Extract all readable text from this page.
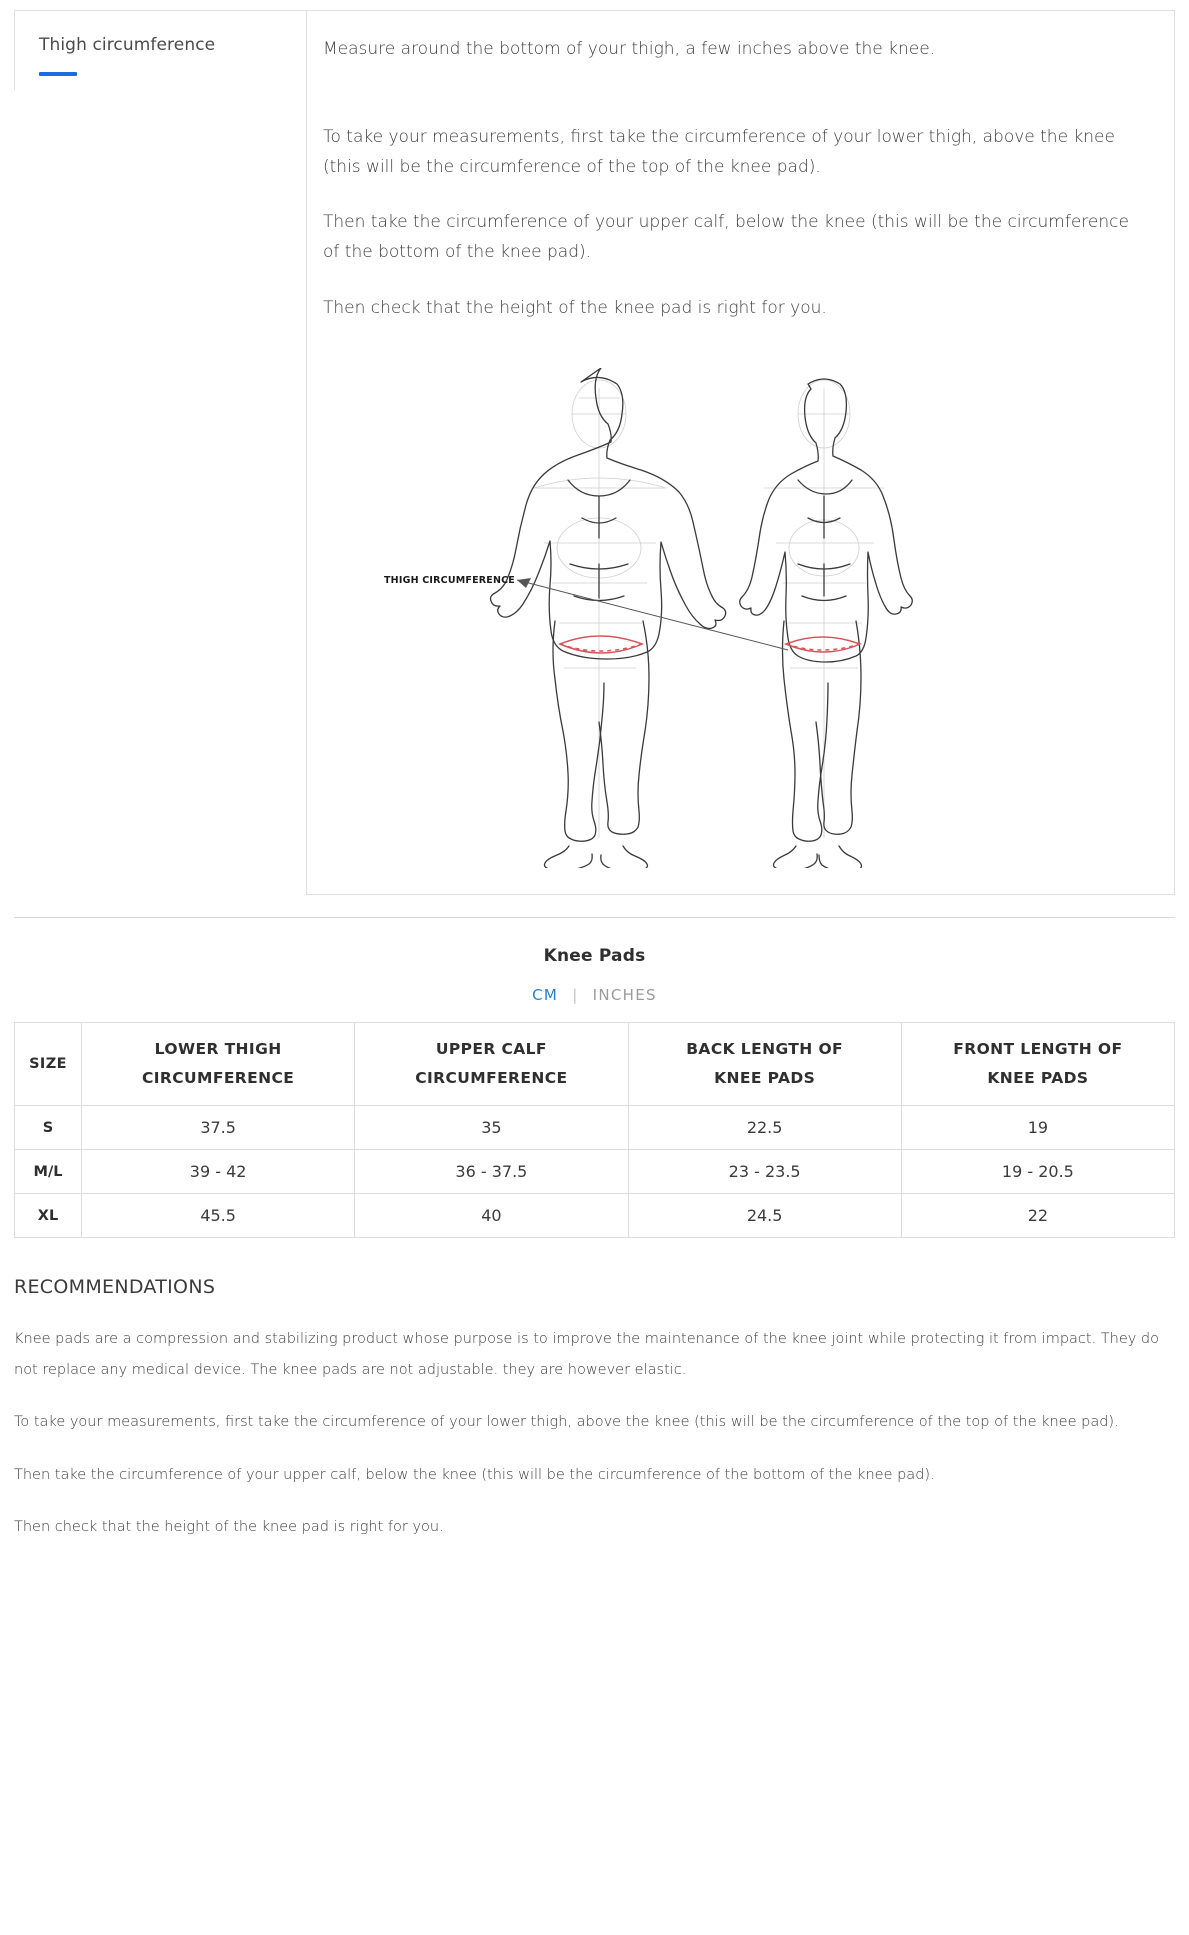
Thigh circumference	Measure around the bottom of your thigh, a few inches above the knee.

To take your measurements, first take the circumference of your lower thigh, above the knee (this will be the circumference of the top of the knee pad).

Then take the circumference of your upper calf, below the knee (this will be the circumference of the bottom of the knee pad).

Then check that the height of the knee pad is right for you.

THIGH CIRCUMFERENCE
Knee Pads
CM | INCHES
SIZE	
LOWER THIGH
CIRCUMFERENCE

UPPER CALF
CIRCUMFERENCE

BACK LENGTH OF
KNEE PADS

FRONT LENGTH OF
KNEE PADS

S	37.5	35	22.5	19
M/L	39 - 42	36 - 37.5	23 - 23.5	19 - 20.5
XL	45.5	40	24.5	22
RECOMMENDATIONS

Knee pads are a compression and stabilizing product whose purpose is to improve the maintenance of the knee joint while protecting it from impact. They do not replace any medical device. The knee pads are not adjustable. they are however elastic.

To take your measurements, first take the circumference of your lower thigh, above the knee (this will be the circumference of the top of the knee pad).

Then take the circumference of your upper calf, below the knee (this will be the circumference of the bottom of the knee pad).

Then check that the height of the knee pad is right for you.
